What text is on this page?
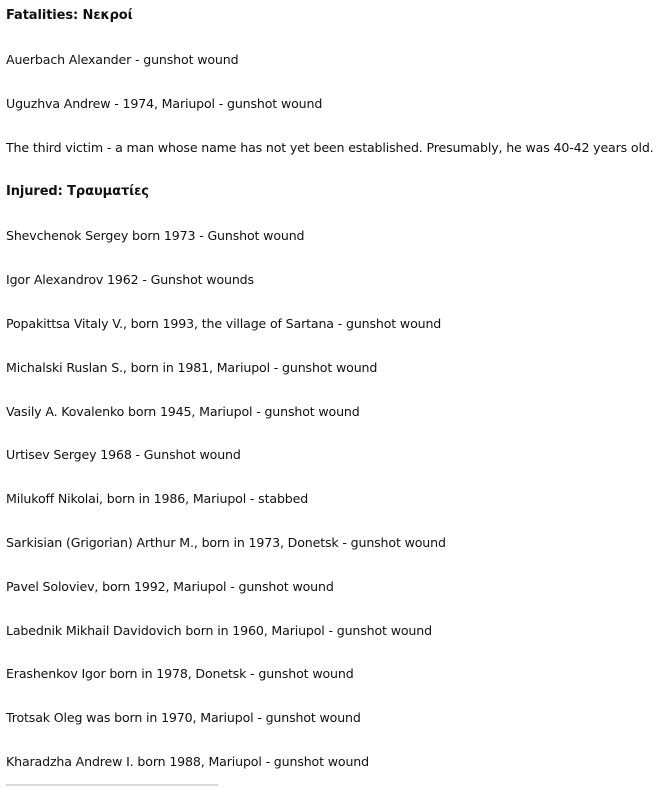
Fatalities: Νεκροί
Auerbach Alexander - gunshot wound
Uguzhva Andrew - 1974, Mariupol - gunshot wound
The third victim - a man whose name has not yet been established. Presumably, he was 40-42 years old.
Injured: Τραυματίες
Shevchenok Sergey born 1973 - Gunshot wound
Igor Alexandrov 1962 - Gunshot wounds
Popakittsa Vitaly V., born 1993, the village of Sartana - gunshot wound
Michalski Ruslan S., born in 1981, Mariupol - gunshot wound
Vasily A. Kovalenko born 1945, Mariupol - gunshot wound
Urtisev Sergey 1968 - Gunshot wound
Milukoff Nikolai, born in 1986, Mariupol - stabbed
Sarkisian (Grigorian) Arthur M., born in 1973, Donetsk - gunshot wound
Pavel Soloviev, born 1992, Mariupol - gunshot wound
Labednik Mikhail Davidovich born in 1960, Mariupol - gunshot wound
Erashenkov Igor born in 1978, Donetsk - gunshot wound
Trotsak Oleg was born in 1970, Mariupol - gunshot wound
Kharadzha Andrew I. born 1988, Mariupol - gunshot wound
